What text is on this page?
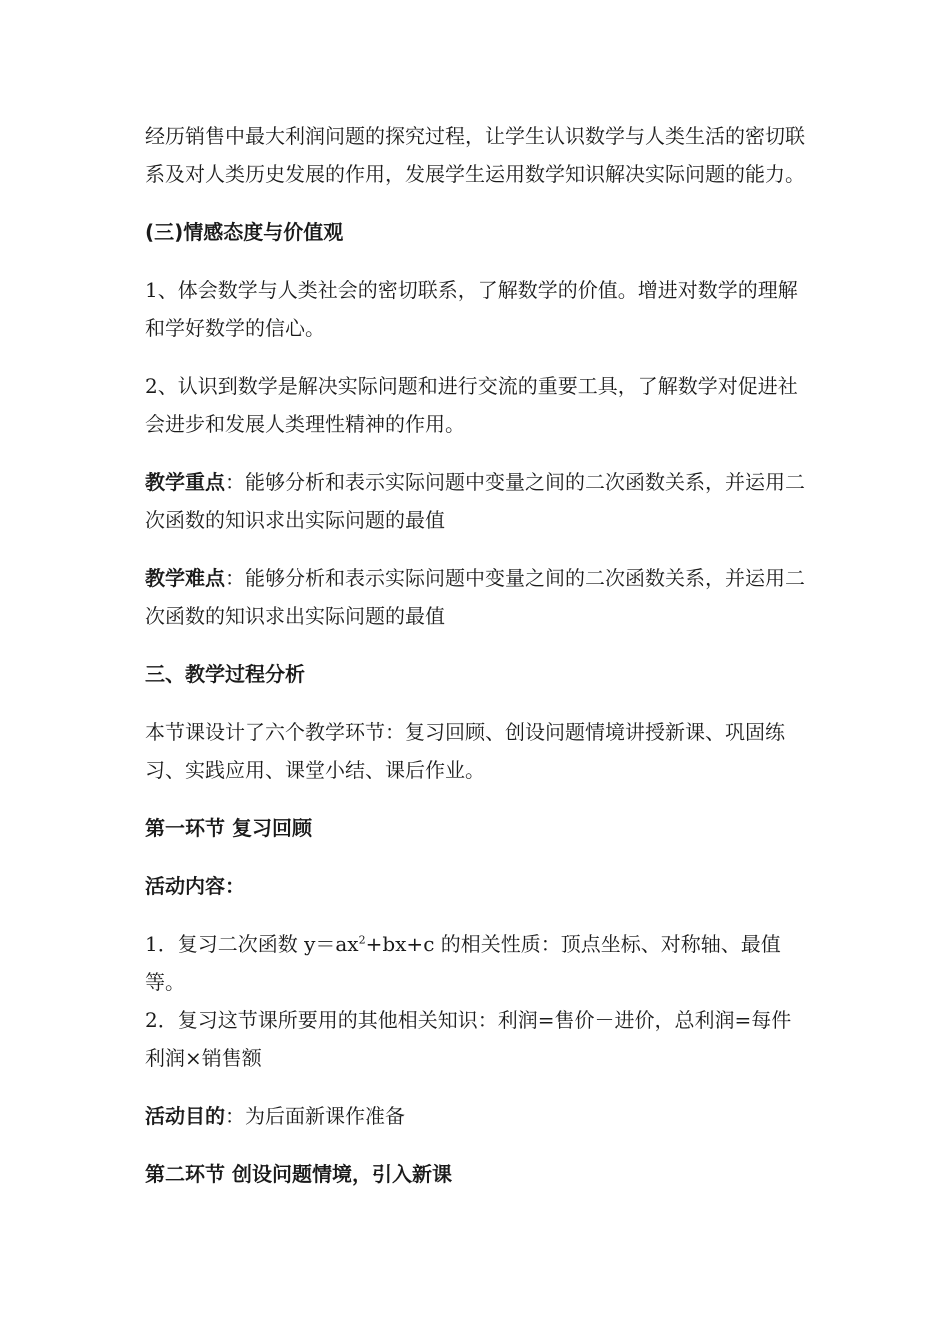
经历销售中最大利润问题的探究过程，让学生认识数学与人类生活的密切联系及对人类历史发展的作用，发展学生运用数学知识解决实际问题的能力。

(三)情感态度与价值观

1、体会数学与人类社会的密切联系，了解数学的价值。增进对数学的理解和学好数学的信心。

2、认识到数学是解决实际问题和进行交流的重要工具，了解数学对促进社会进步和发展人类理性精神的作用。

教学重点：能够分析和表示实际问题中变量之间的二次函数关系，并运用二次函数的知识求出实际问题的最值

教学难点：能够分析和表示实际问题中变量之间的二次函数关系，并运用二次函数的知识求出实际问题的最值

三、教学过程分析

本节课设计了六个教学环节：复习回顾、创设问题情境讲授新课、巩固练习、实践应用、课堂小结、课后作业。

第一环节 复习回顾

活动内容：

1．复习二次函数 $y=ax^2+bx+c$ 的相关性质：顶点坐标、对称轴、最值等。

2．复习这节课所要用的其他相关知识：利润=售价－进价，总利润=每件利润×销售额

活动目的：为后面新课作准备

第二环节 创设问题情境，引入新课
